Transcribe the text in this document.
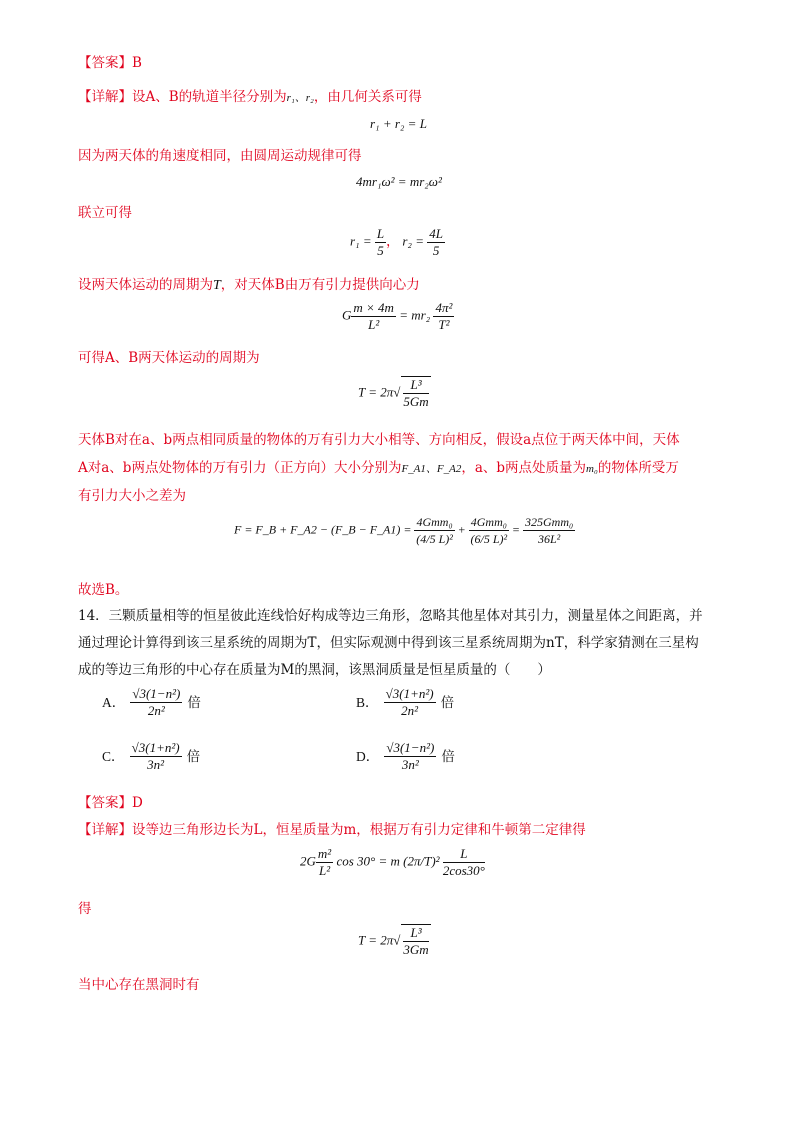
【答案】B
【详解】设A、B的轨道半径分别为r₁、r₂，由几何关系可得
r₁ + r₂ = L
因为两天体的角速度相同，由圆周运动规律可得
4mr₁ω² = mr₂ω²
联立可得
$r_1 = \frac{L}{5}$ ， $r_2 = \frac{4L}{5}$
设两天体运动的周期为T，对天体B由万有引力提供向心力
G $\frac{m \times 4m}{\text{L²}} = mr_2 \frac{\text{4π²}}{\text{T²}}$
可得A、B两天体运动的周期为
$T = 2\pi√ \frac{\text{L³}}{5Gm}$
天体B对在a、b两点相同质量的物体的万有引力大小相等、方向相反，假设a点位于两天体中间，天体
A对a、b两点处物体的万有引力（正方向）大小分别为F_A1、F_A2，a、b两点处质量为m₀的物体所受万
有引力大小之差为
F = F_B + F_A2 − (F_B − F_A1) = $\frac{\text{4Gmm₀}}{\text{(4/5 L)²}} + \frac{\text{4Gmm₀}}{\text{(6/5 L)²}} = \frac{\text{325Gmm₀}}{\text{36L²}}$
故选B。
14．三颗质量相等的恒星彼此连线恰好构成等边三角形，忽略其他星体对其引力，测量星体之间距离，并
通过理论计算得到该三星系统的周期为T，但实际观测中得到该三星系统周期为nT，科学家猜测在三星构
成的等边三角形的中心存在质量为M的黑洞，该黑洞质量是恒星质量的（　　）
A． $\frac{\text{√3(1−n²)}}{\text{2n²}}$ 倍	B． $\frac{\text{√3(1+n²)}}{\text{2n²}}$ 倍
C． $\frac{\text{√3(1+n²)}}{\text{3n²}}$ 倍	D． $\frac{\text{√3(1−n²)}}{\text{3n²}}$ 倍
【答案】D
【详解】设等边三角形边长为L，恒星质量为m，根据万有引力定律和牛顿第二定律得
$2G \frac{\text{m²}}{\text{L²}}$ cos 30° = m $(2\pi/T)^2 \frac{L}{2\cos 30^\circ}$
得
$T = 2\pi√ \frac{\text{L³}}{3Gm}$
当中心存在黑洞时有
